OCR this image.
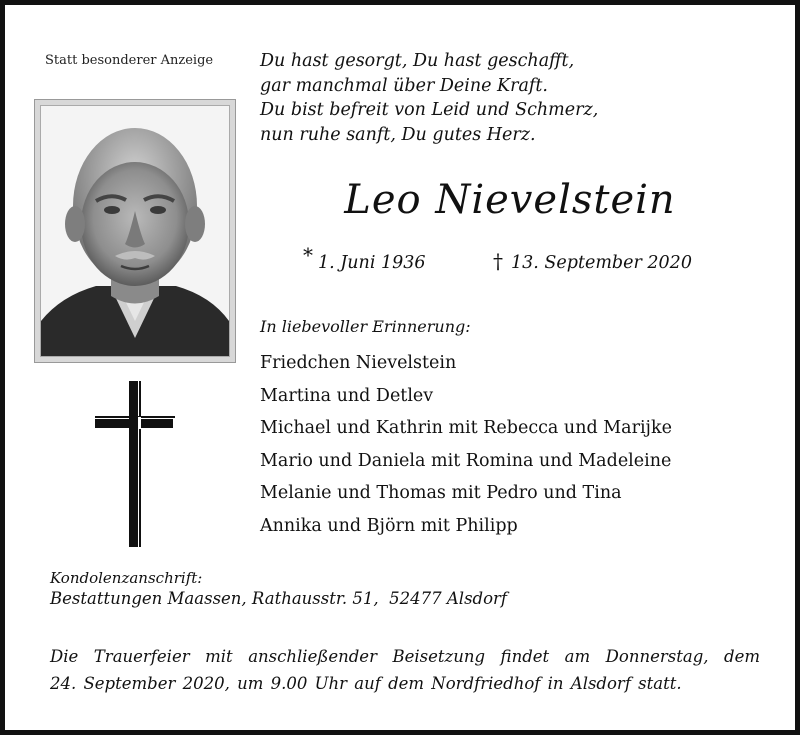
Statt besonderer Anzeige	Du hast gesorgt, Du hast geschafft,
gar manchmal über Deine Kraft.
Du bist befreit von Leid und Schmerz,
nun ruhe sanft, Du gutes Herz.
Leo Nievelstein
* 1. Juni 1936	† 13. September 2020
In liebevoller Erinnerung:
Friedchen Nievelstein
Martina und Detlev
Michael und Kathrin mit Rebecca und Marijke
Mario und Daniela mit Romina und Madeleine
Melanie und Thomas mit Pedro und Tina
Annika und Björn mit Philipp
Kondolenzanschrift:
Bestattungen Maassen, Rathausstr. 51,  52477 Alsdorf
Die Trauerfeier mit anschließender Beisetzung findet am Donnerstag, dem
24. September 2020, um 9.00 Uhr auf dem Nordfriedhof in Alsdorf statt.
